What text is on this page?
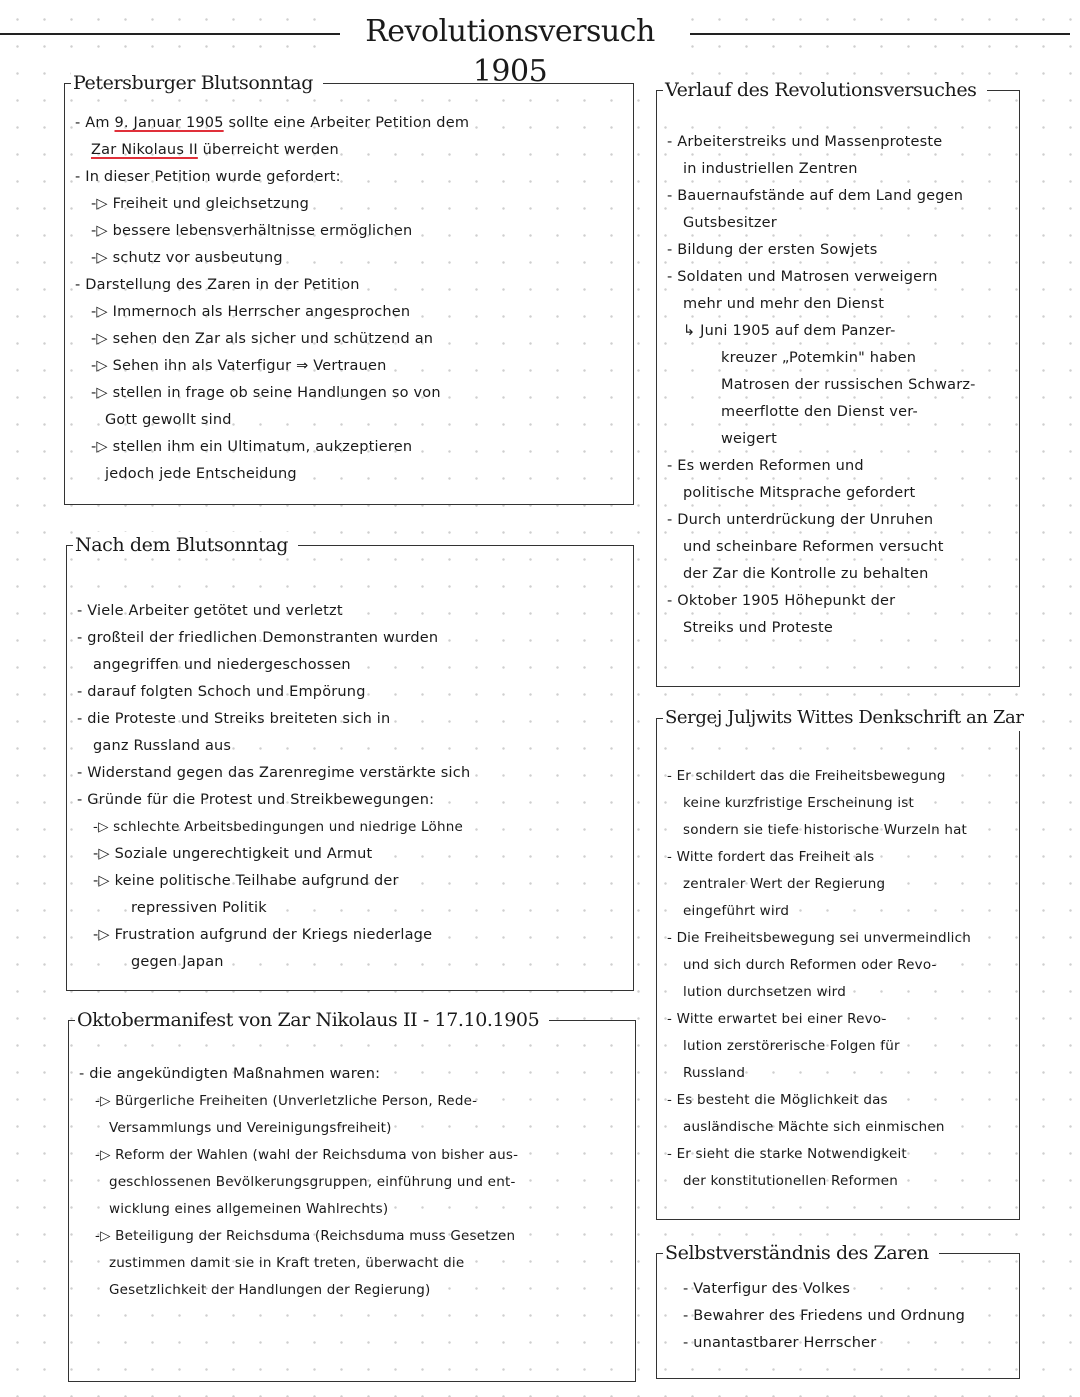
Revolutionsversuch 1905
Petersburger Blutsonntag
- Am 9. Januar 1905 sollte eine Arbeiter Petition dem
Zar Nikolaus II überreicht werden
- In dieser Petition wurde gefordert:
-▷ Freiheit und gleichsetzung
-▷ bessere lebensverhältnisse ermöglichen
-▷ schutz vor ausbeutung
- Darstellung des Zaren in der Petition
-▷ Immernoch als Herrscher angesprochen
-▷ sehen den Zar als sicher und schützend an
-▷ Sehen ihn als Vaterfigur ⇒ Vertrauen
-▷ stellen in frage ob seine Handlungen so von
Gott gewollt sind
-▷ stellen ihm ein Ultimatum, aukzeptieren
jedoch jede Entscheidung
Nach dem Blutsonntag
- Viele Arbeiter getötet und verletzt
- großteil der friedlichen Demonstranten wurden
angegriffen und niedergeschossen
- darauf folgten Schoch und Empörung
- die Proteste und Streiks breiteten sich in
ganz Russland aus
- Widerstand gegen das Zarenregime verstärkte sich
- Gründe für die Protest und Streikbewegungen:
-▷ schlechte Arbeitsbedingungen und niedrige Löhne
-▷ Soziale ungerechtigkeit und Armut
-▷ keine politische Teilhabe aufgrund der
repressiven Politik
-▷ Frustration aufgrund der Kriegs niederlage
gegen Japan
Oktobermanifest von Zar Nikolaus II - 17.10.1905
- die angekündigten Maßnahmen waren:
-▷ Bürgerliche Freiheiten (Unverletzliche Person, Rede-
Versammlungs und Vereinigungsfreiheit)
-▷ Reform der Wahlen (wahl der Reichsduma von bisher aus-
geschlossenen Bevölkerungsgruppen, einführung und ent-
wicklung eines allgemeinen Wahlrechts)
-▷ Beteiligung der Reichsduma (Reichsduma muss Gesetzen
zustimmen damit sie in Kraft treten, überwacht die
Gesetzlichkeit der Handlungen der Regierung)
Verlauf des Revolutionsversuches
- Arbeiterstreiks und Massenproteste
in industriellen Zentren
- Bauernaufstände auf dem Land gegen
Gutsbesitzer
- Bildung der ersten Sowjets
- Soldaten und Matrosen verweigern
mehr und mehr den Dienst
↳ Juni 1905 auf dem Panzer-
kreuzer „Potemkin" haben
Matrosen der russischen Schwarz-
meerflotte den Dienst ver-
weigert
- Es werden Reformen und
politische Mitsprache gefordert
- Durch unterdrückung der Unruhen
und scheinbare Reformen versucht
der Zar die Kontrolle zu behalten
- Oktober 1905 Höhepunkt der
Streiks und Proteste
Sergej Juljwits Wittes Denkschrift an Zar
- Er schildert das die Freiheitsbewegung
keine kurzfristige Erscheinung ist
sondern sie tiefe historische Wurzeln hat
- Witte fordert das Freiheit als
zentraler Wert der Regierung
eingeführt wird
- Die Freiheitsbewegung sei unvermeindlich
und sich durch Reformen oder Revo-
lution durchsetzen wird
- Witte erwartet bei einer Revo-
lution zerstörerische Folgen für
Russland
- Es besteht die Möglichkeit das
ausländische Mächte sich einmischen
- Er sieht die starke Notwendigkeit
der konstitutionellen Reformen
Selbstverständnis des Zaren
- Vaterfigur des Volkes
- Bewahrer des Friedens und Ordnung
- unantastbarer Herrscher
